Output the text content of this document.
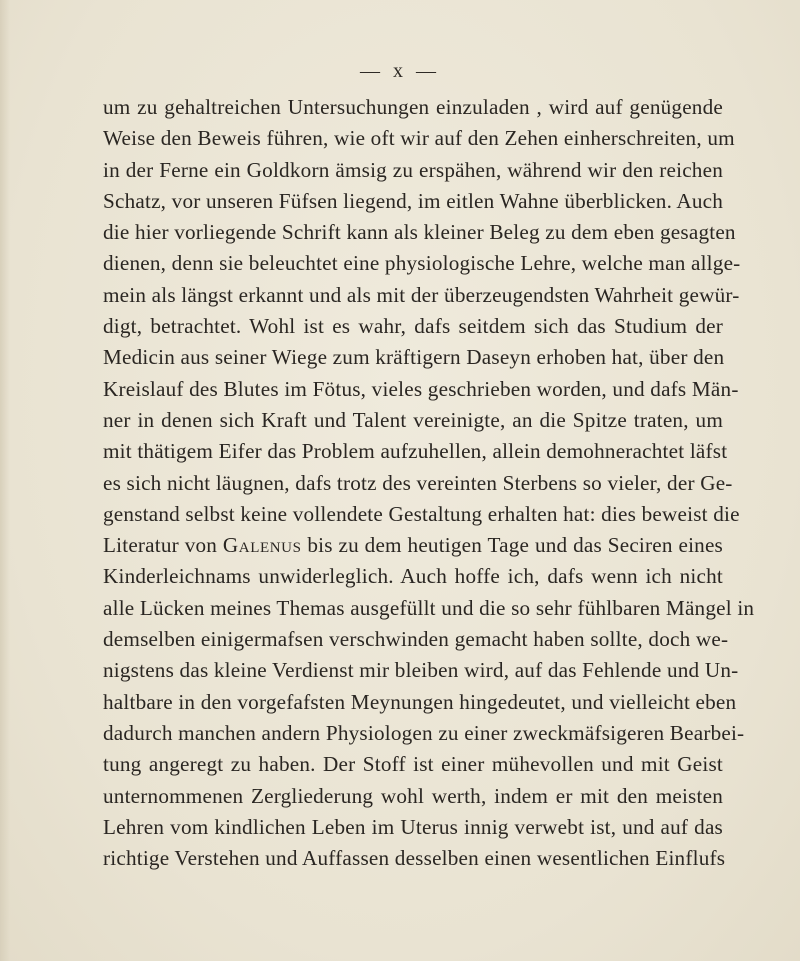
— x —
um zu gehaltreichen Untersuchungen einzuladen , wird auf genügende
Weise den Beweis führen, wie oft wir auf den Zehen einherschreiten, um
in der Ferne ein Goldkorn ämsig zu erspähen, während wir den reichen
Schatz, vor unseren Füfsen liegend, im eitlen Wahne überblicken. Auch
die hier vorliegende Schrift kann als kleiner Beleg zu dem eben gesagten
dienen, denn sie beleuchtet eine physiologische Lehre, welche man allge-
mein als längst erkannt und als mit der überzeugendsten Wahrheit gewür-
digt, betrachtet. Wohl ist es wahr, dafs seitdem sich das Studium der
Medicin aus seiner Wiege zum kräftigern Daseyn erhoben hat, über den
Kreislauf des Blutes im Fötus, vieles geschrieben worden, und dafs Män-
ner in denen sich Kraft und Talent vereinigte, an die Spitze traten, um
mit thätigem Eifer das Problem aufzuhellen, allein demohnerachtet läfst
es sich nicht läugnen, dafs trotz des vereinten Sterbens so vieler, der Ge-
genstand selbst keine vollendete Gestaltung erhalten hat: dies beweist die
Literatur von Galenus bis zu dem heutigen Tage und das Seciren eines
Kinderleichnams unwiderleglich. Auch hoffe ich, dafs wenn ich nicht
alle Lücken meines Themas ausgefüllt und die so sehr fühlbaren Mängel in
demselben einigermafsen verschwinden gemacht haben sollte, doch we-
nigstens das kleine Verdienst mir bleiben wird, auf das Fehlende und Un-
haltbare in den vorgefafsten Meynungen hingedeutet, und vielleicht eben
dadurch manchen andern Physiologen zu einer zweckmäfsigeren Bearbei-
tung angeregt zu haben. Der Stoff ist einer mühevollen und mit Geist
unternommenen Zergliederung wohl werth, indem er mit den meisten
Lehren vom kindlichen Leben im Uterus innig verwebt ist, und auf das
richtige Verstehen und Auffassen desselben einen wesentlichen Einflufs
